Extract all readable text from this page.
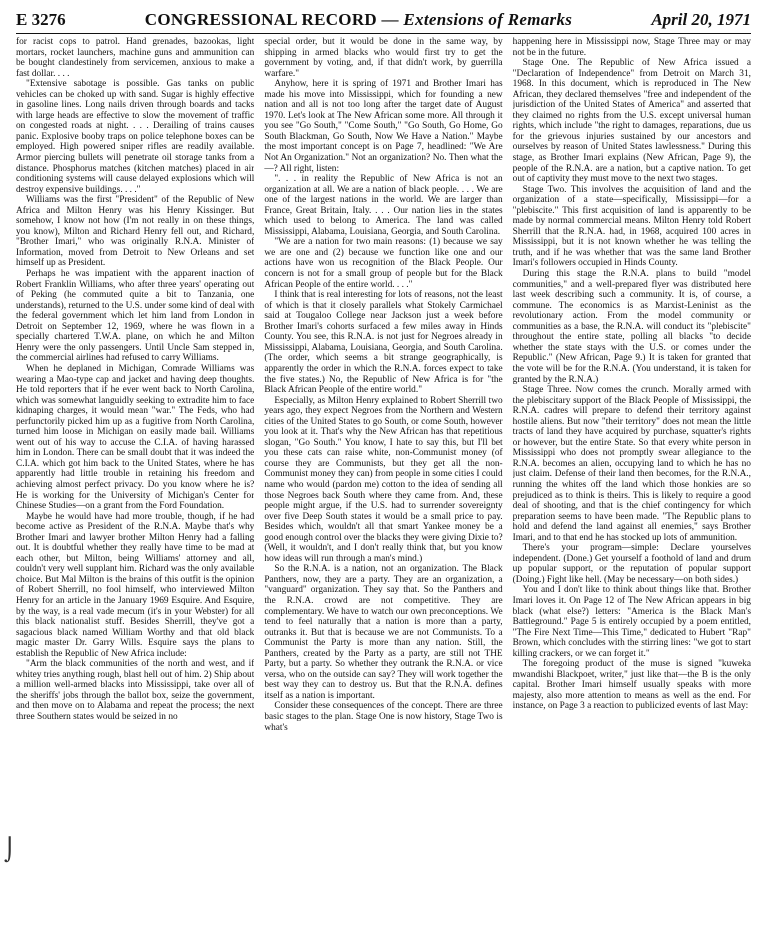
E 3276	CONGRESSIONAL RECORD — Extensions of Remarks	April 20, 1971

for racist cops to patrol. Hand grenades, bazookas, light mortars, rocket launchers, machine guns and ammunition can be bought clandestinely from servicemen, anxious to make a fast dollar. . . .

"Extensive sabotage is possible. Gas tanks on public vehicles can be choked up with sand. Sugar is highly effective in gasoline lines. Long nails driven through boards and tacks with large heads are effective to slow the movement of traffic on congested roads at night. . . . Derailing of trains causes panic. Explosive booby traps on police telephone boxes can be employed. High powered sniper rifles are readily available. Armor piercing bullets will penetrate oil storage tanks from a distance. Phosphorus matches (kitchen matches) placed in air conditioning systems will cause delayed explosions which will destroy expensive buildings. . . ."

Williams was the first "President" of the Republic of New Africa and Milton Henry was his Henry Kissinger. But somehow, I know not how (I'm not really in on these things, you know), Milton and Richard Henry fell out, and Richard, "Brother Imari," who was originally R.N.A. Minister of Information, moved from Detroit to New Orleans and set himself up as President.

Perhaps he was impatient with the apparent inaction of Robert Franklin Williams, who after three years' operating out of Peking (he commuted quite a bit to Tanzania, one understands), returned to the U.S. under some kind of deal with the federal government which let him land from London in Detroit on September 12, 1969, where he was flown in a specially chartered T.W.A. plane, on which he and Milton Henry were the only passengers. Until Uncle Sam stepped in, the commercial airlines had refused to carry Williams.

When he deplaned in Michigan, Comrade Williams was wearing a Mao-type cap and jacket and having deep thoughts. He told reporters that if he ever went back to North Carolina, which was somewhat languidly seeking to extradite him to face kidnaping charges, it would mean "war." The Feds, who had perfunctorily picked him up as a fugitive from North Carolina, turned him loose in Michigan on easily made bail. Williams went out of his way to accuse the C.I.A. of having harassed him in London. There can be small doubt that it was indeed the C.I.A. which got him back to the United States, where he has apparently had little trouble in retaining his freedom and achieving almost perfect privacy. Do you know where he is? He is working for the University of Michigan's Center for Chinese Studies—on a grant from the Ford Foundation.

Maybe he would have had more trouble, though, if he had become active as President of the R.N.A. Maybe that's why Brother Imari and lawyer brother Milton Henry had a falling out. It is doubtful whether they really have time to be mad at each other, but Milton, being Williams' attorney and all, couldn't very well supplant him. Richard was the only available choice. But Mal Milton is the brains of this outfit is the opinion of Robert Sherrill, no fool himself, who interviewed Milton Henry for an article in the January 1969 Esquire. And Esquire, by the way, is a real vade mecum (it's in your Webster) for all this black nationalist stuff. Besides Sherrill, they've got a sagacious black named William Worthy and that old black magic master Dr. Garry Wills. Esquire says the plans to establish the Republic of New Africa include:

"Arm the black communities of the north and west, and if whitey tries anything rough, blast hell out of him. 2) Ship about a million well-armed blacks into Mississippi, take over all of the sheriffs' jobs through the ballot box, seize the government, and then move on to Alabama and repeat the process; the next three Southern states would be seized in no

special order, but it would be done in the same way, by shipping in armed blacks who would first try to get the government by voting, and, if that didn't work, by guerrilla warfare."

Anyhow, here it is spring of 1971 and Brother Imari has made his move into Mississippi, which for founding a new nation and all is not too long after the target date of August 1970. Let's look at The New African some more. All through it you see "Go South," "Come South," "Go South, Go Home, Go South Blackman, Go South, Now We Have a Nation." Maybe the most important concept is on Page 7, headlined: "We Are Not An Organization." Not an organization? No. Then what the—? All right, listen:

". . . in reality the Republic of New Africa is not an organization at all. We are a nation of black people. . . . We are one of the largest nations in the world. We are larger than France, Great Britain, Italy. . . . Our nation lies in the states which used to belong to America. The land was called Mississippi, Alabama, Louisiana, Georgia, and South Carolina.

"We are a nation for two main reasons: (1) because we say we are one and (2) because we function like one and our actions have won us recognition of the Black People. Our concern is not for a small group of people but for the Black African People of the entire world. . . ."

I think that is real interesting for lots of reasons, not the least of which is that it closely parallels what Stokely Carmichael said at Tougaloo College near Jackson just a week before Brother Imari's cohorts surfaced a few miles away in Hinds County. You see, this R.N.A. is not just for Negroes already in Mississippi, Alabama, Louisiana, Georgia, and South Carolina. (The order, which seems a bit strange geographically, is apparently the order in which the R.N.A. forces expect to take the five states.) No, the Republic of New Africa is for "the Black African People of the entire world."

Especially, as Milton Henry explained to Robert Sherrill two years ago, they expect Negroes from the Northern and Western cities of the United States to go South, or come South, however you look at it. That's why the New African has that repetitious slogan, "Go South." You know, I hate to say this, but I'll bet you these cats can raise white, non-Communist money (of course they are Communists, but they get all the non-Communist money they can) from people in some cities I could name who would (pardon me) cotton to the idea of sending all those Negroes back South where they came from. And, these people might argue, if the U.S. had to surrender sovereignty over five Deep South states it would be a small price to pay. Besides which, wouldn't all that smart Yankee money be a good enough control over the blacks they were giving Dixie to? (Well, it wouldn't, and I don't really think that, but you know how ideas will run through a man's mind.)

So the R.N.A. is a nation, not an organization. The Black Panthers, now, they are a party. They are an organization, a "vanguard" organization. They say that. So the Panthers and the R.N.A. crowd are not competitive. They are complementary. We have to watch our own preconceptions. We tend to feel naturally that a nation is more than a party, outranks it. But that is because we are not Communists. To a Communist the Party is more than any nation. Still, the Panthers, created by the Party as a party, are still not THE Party, but a party. So whether they outrank the R.N.A. or vice versa, who on the outside can say? They will work together the best way they can to destroy us. But that the R.N.A. defines itself as a nation is important.

Consider these consequences of the concept. There are three basic stages to the plan. Stage One is now history, Stage Two is what's

happening here in Mississippi now, Stage Three may or may not be in the future.

Stage One. The Republic of New Africa issued a "Declaration of Independence" from Detroit on March 31, 1968. In this document, which is reproduced in The New African, they declared themselves "free and independent of the jurisdiction of the United States of America" and asserted that they claimed no rights from the U.S. except universal human rights, which include "the right to damages, reparations, due us for the grievous injuries sustained by our ancestors and ourselves by reason of United States lawlessness." During this stage, as Brother Imari explains (New African, Page 9), the people of the R.N.A. are a nation, but a captive nation. To get out of captivity they must move to the next two stages.

Stage Two. This involves the acquisition of land and the organization of a state—specifically, Mississippi—for a "plebiscite." This first acquisition of land is apparently to be made by normal commercial means. Milton Henry told Robert Sherrill that the R.N.A. had, in 1968, acquired 100 acres in Mississippi, but it is not known whether he was telling the truth, and if he was whether that was the same land Brother Imari's followers occupied in Hinds County.

During this stage the R.N.A. plans to build "model communities," and a well-prepared flyer was distributed here last week describing such a community. It is, of course, a commune. The economics is as Marxist-Leninist as the revolutionary action. From the model community or communities as a base, the R.N.A. will conduct its "plebiscite" throughout the entire state, polling all blacks "to decide whether the state stays with the U.S. or comes under the Republic." (New African, Page 9.) It is taken for granted that the vote will be for the R.N.A. (You understand, it is taken for granted by the R.N.A.)

Stage Three. Now comes the crunch. Morally armed with the plebiscitary support of the Black People of Mississippi, the R.N.A. cadres will prepare to defend their territory against hostile aliens. But now "their territory" does not mean the little tracts of land they have acquired by purchase, squatter's rights or however, but the entire State. So that every white person in Mississippi who does not promptly swear allegiance to the R.N.A. becomes an alien, occupying land to which he has no just claim. Defense of their land then becomes, for the R.N.A., running the whites off the land which those honkies are so prejudiced as to think is theirs. This is likely to require a good deal of shooting, and that is the chief contingency for which preparation seems to have been made. "The Republic plans to hold and defend the land against all enemies," says Brother Imari, and to that end he has stocked up lots of ammunition.

There's your program—simple: Declare yourselves independent. (Done.) Get yourself a foothold of land and drum up popular support, or the reputation of popular support (Doing.) Fight like hell. (May be necessary—on both sides.)

You and I don't like to think about things like that. Brother Imari loves it. On Page 12 of The New African appears in big black (what else?) letters: "America is the Black Man's Battleground." Page 5 is entirely occupied by a poem entitled, "The Fire Next Time—This Time," dedicated to Hubert "Rap" Brown, which concludes with the stirring lines: "we got to start killing crackers, or we can forget it."

The foregoing product of the muse is signed "kuweka mwandishi Blackpoet, writer," just like that—the B is the only capital. Brother Imari himself usually speaks with more majesty, also more attention to means as well as the end. For instance, on Page 3 a reaction to publicized events of last May:

⌡
